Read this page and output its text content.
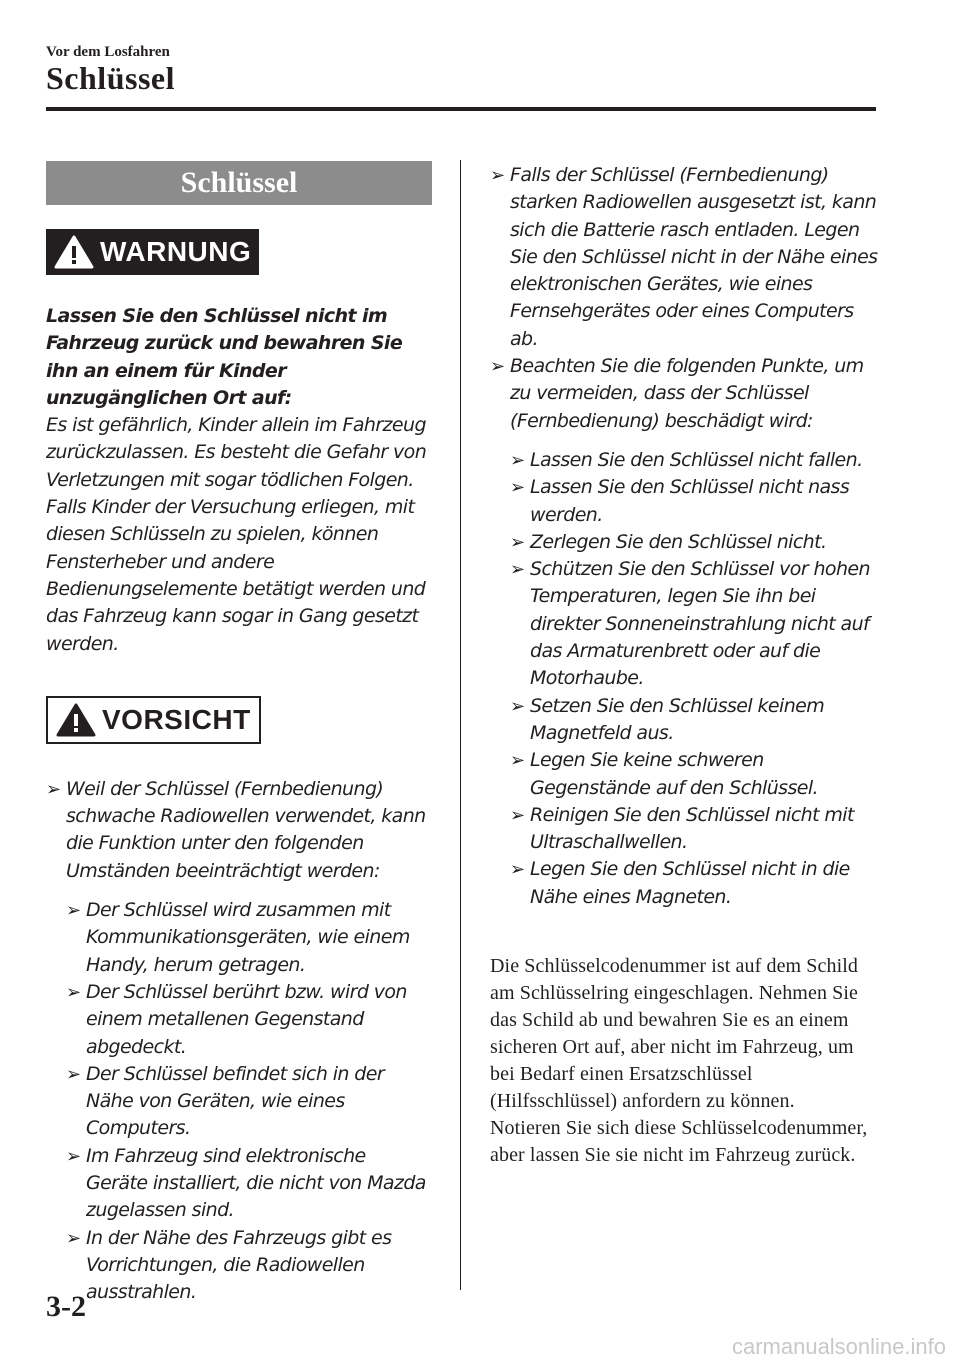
Vor dem Losfahren
Schlüssel
Schlüssel
WARNUNG
Lassen Sie den Schlüssel nicht im Fahrzeug zurück und bewahren Sie ihn an einem für Kinder unzugänglichen Ort auf:
Es ist gefährlich, Kinder allein im Fahrzeug zurückzulassen. Es besteht die Gefahr von Verletzungen mit sogar tödlichen Folgen. Falls Kinder der Versuchung erliegen, mit diesen Schlüsseln zu spielen, können Fensterheber und andere Bedienungselemente betätigt werden und das Fahrzeug kann sogar in Gang gesetzt werden.
VORSICHT
➢ Weil der Schlüssel (Fernbedienung) schwache Radiowellen verwendet, kann die Funktion unter den folgenden Umständen beeinträchtigt werden:
➢ Der Schlüssel wird zusammen mit Kommunikationsgeräten, wie einem Handy, herum getragen.
➢ Der Schlüssel berührt bzw. wird von einem metallenen Gegenstand abgedeckt.
➢ Der Schlüssel befindet sich in der Nähe von Geräten, wie eines Computers.
➢ Im Fahrzeug sind elektronische Geräte installiert, die nicht von Mazda zugelassen sind.
➢ In der Nähe des Fahrzeugs gibt es Vorrichtungen, die Radiowellen ausstrahlen.
➢ Falls der Schlüssel (Fernbedienung) starken Radiowellen ausgesetzt ist, kann sich die Batterie rasch entladen. Legen Sie den Schlüssel nicht in der Nähe eines elektronischen Gerätes, wie eines Fernsehgerätes oder eines Computers ab.
➢ Beachten Sie die folgenden Punkte, um zu vermeiden, dass der Schlüssel (Fernbedienung) beschädigt wird:
➢ Lassen Sie den Schlüssel nicht fallen.
➢ Lassen Sie den Schlüssel nicht nass werden.
➢ Zerlegen Sie den Schlüssel nicht.
➢ Schützen Sie den Schlüssel vor hohen Temperaturen, legen Sie ihn bei direkter Sonneneinstrahlung nicht auf das Armaturenbrett oder auf die Motorhaube.
➢ Setzen Sie den Schlüssel keinem Magnetfeld aus.
➢ Legen Sie keine schweren Gegenstände auf den Schlüssel.
➢ Reinigen Sie den Schlüssel nicht mit Ultraschallwellen.
➢ Legen Sie den Schlüssel nicht in die Nähe eines Magneten.
Die Schlüsselcodenummer ist auf dem Schild am Schlüsselring eingeschlagen. Nehmen Sie das Schild ab und bewahren Sie es an einem sicheren Ort auf, aber nicht im Fahrzeug, um bei Bedarf einen Ersatzschlüssel (Hilfsschlüssel) anfordern zu können.
Notieren Sie sich diese Schlüsselcodenummer, aber lassen Sie sie nicht im Fahrzeug zurück.
3-2
carmanualsonline.info
